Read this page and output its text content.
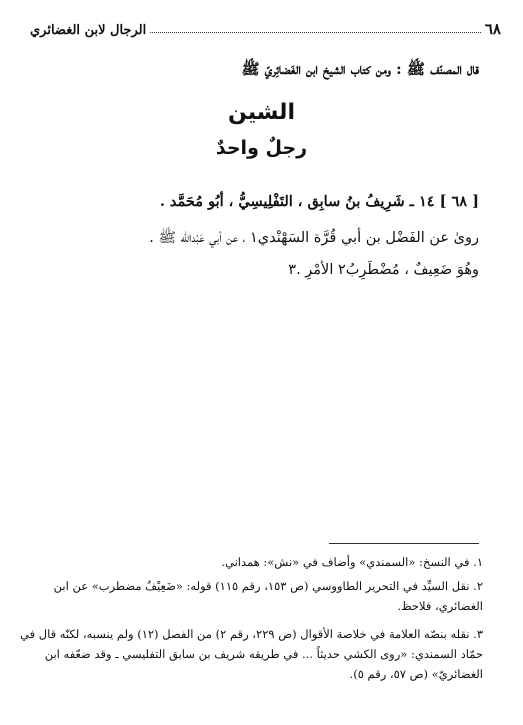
٦٨
الرجال لابن الغضائري
قال المصنّف ﷺ : ومن كتاب الشيخ ابن الغَضائِريّ ﷺ
الشين
رجلٌ واحدٌ
[ ٦٨ ] ١٤ ـ شَرِيفُ بنُ سابِق ، التَفْلِيسِيُّ ، أبُو مُحَمَّد .
روىٰ عن الفَضْل بن أبي قُرَّة السَهْنْدي١ ، عن أبي عَبْدالله ﷺ .
وهُوَ ضَعِيفٌ ، مُضْطَرِبُ٢ الأمْرِ .٣
١. في النسخ: «السمندي» وأضاف في «نش»: همداني.
٢. نقل السيِّد في التحرير الطاووسي (ص ١٥٣، رقم ١١٥) قوله: «ضَعِيْفٌ مضطرب» عن ابن
الغضائري، فلاحظ.
٣. نقله بنصّه العلامة في خلاصة الأقوال (ص ٢٢٩، رقم ٢) من الفصل (١٢) ولم ينسبه، لكنّه قال في
حمّاد السمندي: «روى الكشي حديثاً ... في طريقه شريف بن سابق التفليسي ـ وقد ضعّفه ابن
الغضائريّ» (ص ٥٧، رقم ٥).
